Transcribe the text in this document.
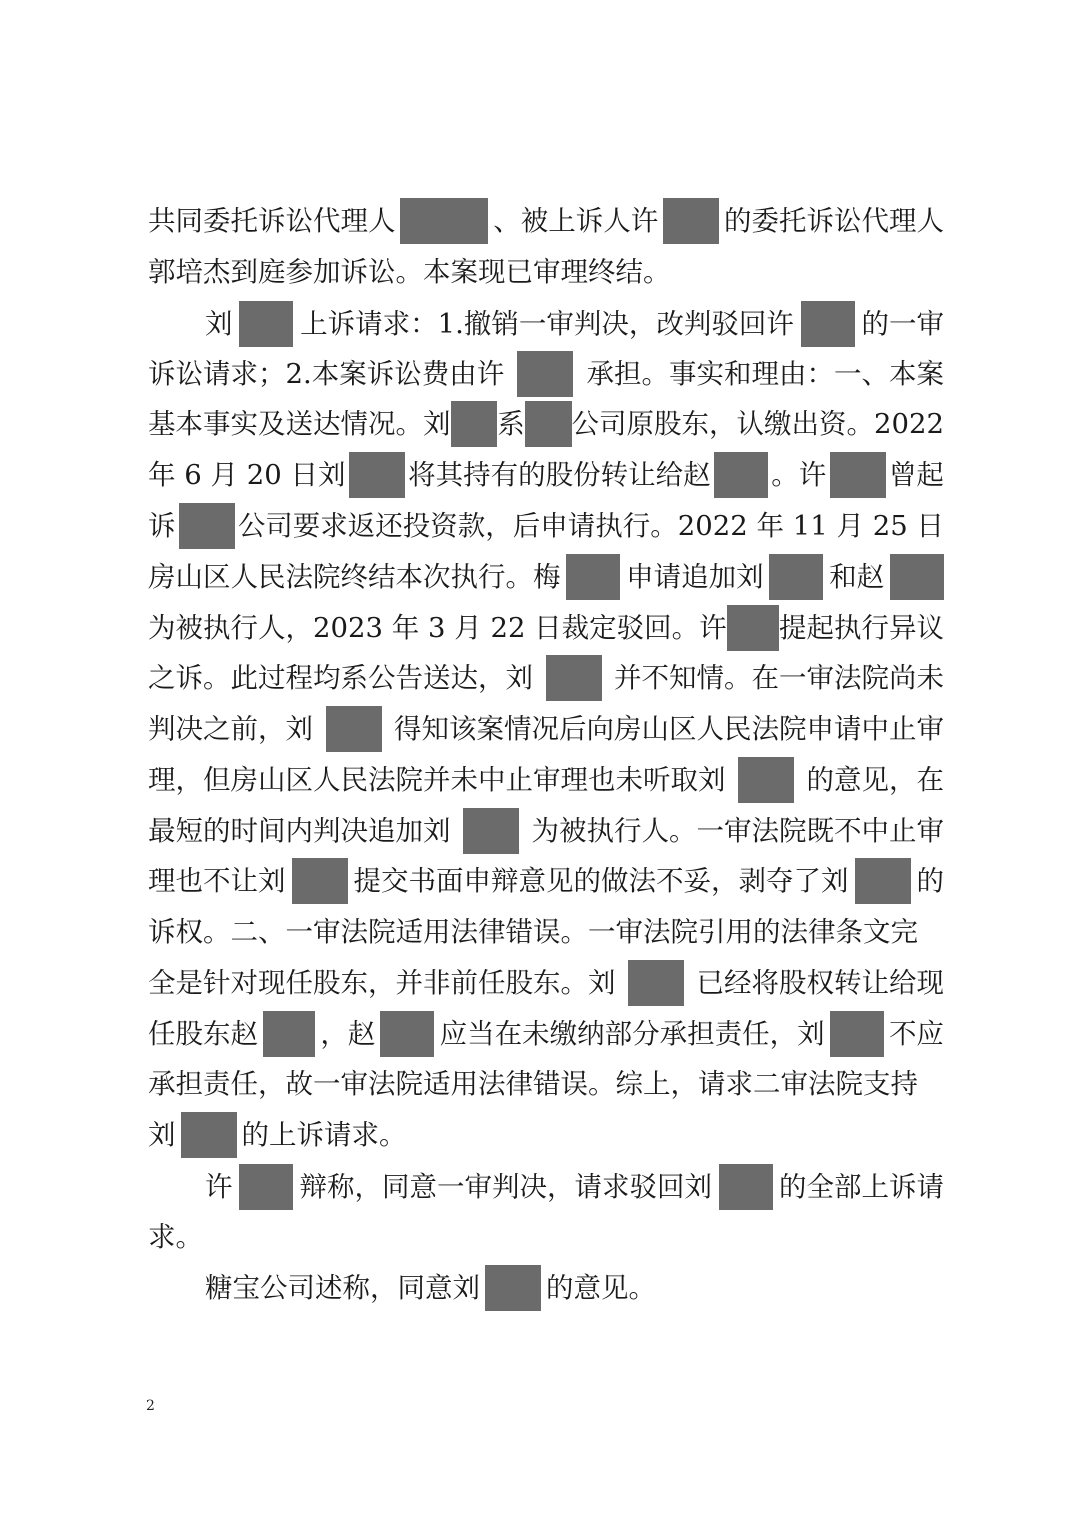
共同委托诉讼代理人	、被上诉人许 的委托诉讼代理人
郭培杰到庭参加诉讼。本案现已审理终结。
刘 上诉请求：1.撤销一审判决，改判驳回许 的一审
诉讼请求；2.本案诉讼费由许	承担。事实和理由：一、本案
基本事实及送达情况。刘 系 公司原股东，认缴出资。2022
年 6 月 20 日刘 将其持有的股份转让给赵 。许 曾起
诉 公司要求返还投资款，后申请执行。2022 年 11 月 25 日
房山区人民法院终结本次执行。梅 申请追加刘 和赵
为被执行人，2023 年 3 月 22 日裁定驳回。许 提起执行异议
之诉。此过程均系公告送达，刘	并不知情。在一审法院尚未
判决之前，刘	得知该案情况后向房山区人民法院申请中止审
理，但房山区人民法院并未中止审理也未听取刘	的意见，在
最短的时间内判决追加刘	为被执行人。一审法院既不中止审
理也不让刘 提交书面申辩意见的做法不妥，剥夺了刘 的
诉权。二、一审法院适用法律错误。一审法院引用的法律条文完
全是针对现任股东，并非前任股东。刘	已经将股权转让给现
任股东赵 ，赵 应当在未缴纳部分承担责任，刘 不应
承担责任，故一审法院适用法律错误。综上，请求二审法院支持
刘 的上诉请求。
许 辩称，同意一审判决，请求驳回刘 的全部上诉请
求。
糖宝公司述称，同意刘 的意见。
2
